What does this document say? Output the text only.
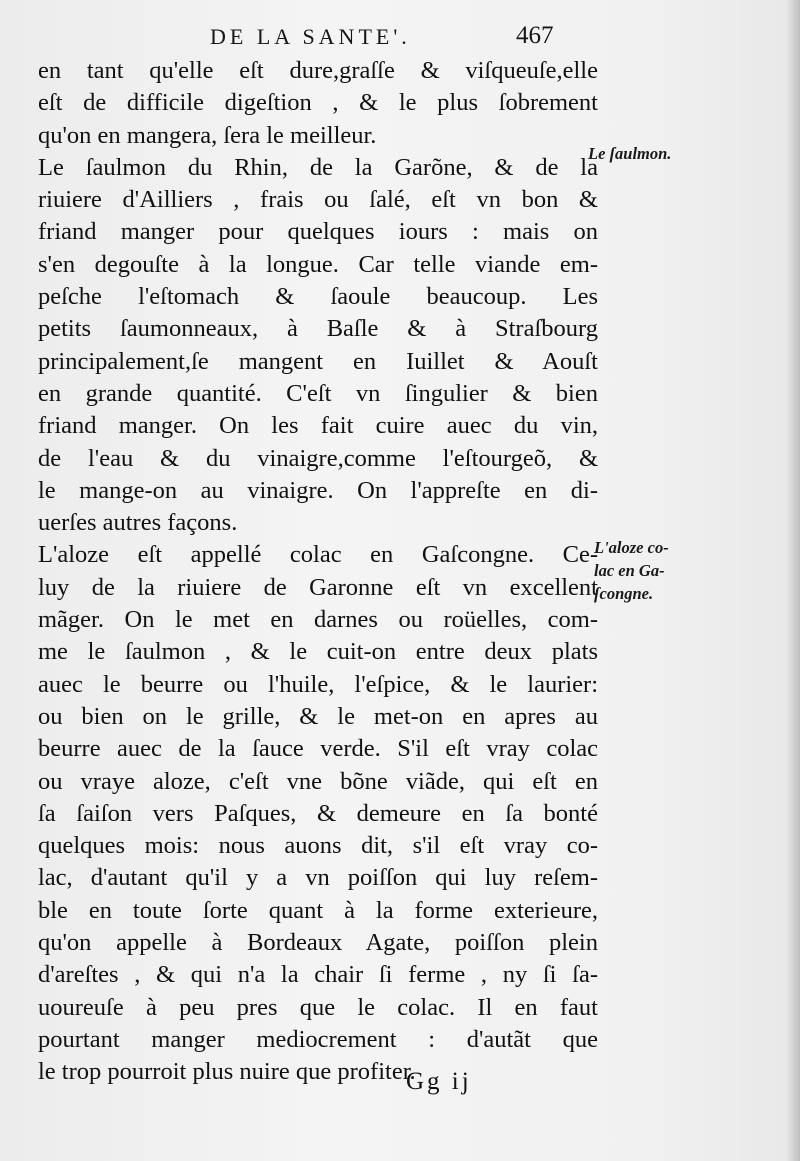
DE LA SANTE'.	467
en tant qu'elle eſt dure,graſſe & viſqueuſe,elle
eſt de difficile digeſtion , & le plus ſobrement
qu'on en mangera, ſera le meilleur.
Le ſaulmon du Rhin, de la Garõne, & de la
riuiere d'Ailliers , frais ou ſalé, eſt vn bon &
friand manger pour quelques iours : mais on
s'en degouſte à la longue. Car telle viande em-
peſche l'eſtomach & ſaoule beaucoup. Les
petits ſaumonneaux, à Baſle & à Straſbourg
principalement,ſe mangent en Iuillet & Aouſt
en grande quantité. C'eſt vn ſingulier & bien
friand manger. On les fait cuire auec du vin,
de l'eau & du vinaigre,comme l'eſtourgeõ, &
le mange-on au vinaigre. On l'appreſte en di-
uerſes autres façons.
L'aloze eſt appellé colac en Gaſcongne. Ce-
luy de la riuiere de Garonne eſt vn excellent
mãger. On le met en darnes ou roüelles, com-
me le ſaulmon , & le cuit-on entre deux plats
auec le beurre ou l'huile, l'eſpice, & le laurier:
ou bien on le grille, & le met-on en apres au
beurre auec de la ſauce verde. S'il eſt vray colac
ou vraye aloze, c'eſt vne bõne viãde, qui eſt en
ſa ſaiſon vers Paſques, & demeure en ſa bonté
quelques mois: nous auons dit, s'il eſt vray co-
lac, d'autant qu'il y a vn poiſſon qui luy reſem-
ble en toute ſorte quant à la forme exterieure,
qu'on appelle à Bordeaux Agate, poiſſon plein
d'areſtes , & qui n'a la chair ſi ferme , ny ſi ſa-
uoureuſe à peu pres que le colac. Il en faut
pourtant manger mediocrement : d'autãt que
le trop pourroit plus nuire que profiter.
Le ſaulmon.
L'aloze co-
lac en Ga-
ſcongne.
Gg ij
